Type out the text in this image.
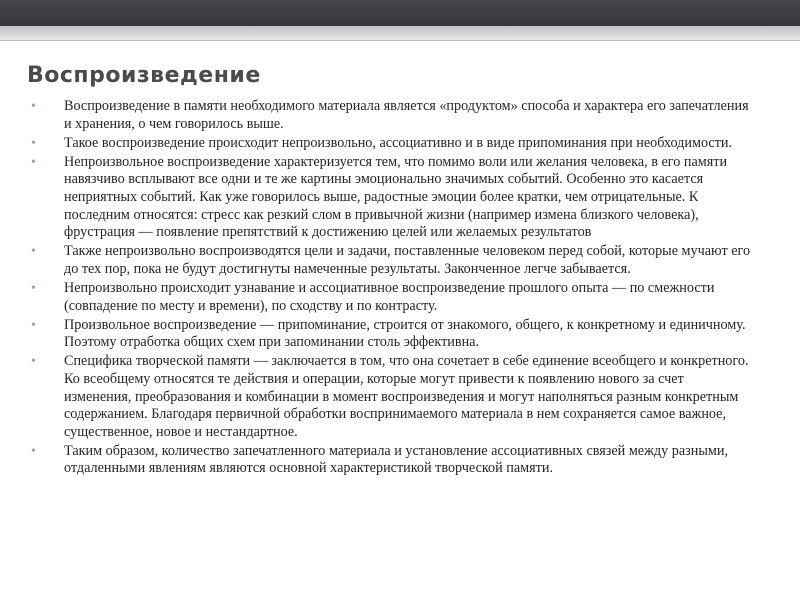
Воспроизведение
• Воспроизведение в памяти необходимого материала является «продуктом» способа и характера его запечатления и хранения, о чем говорилось выше.
• Такое воспроизведение происходит непроизвольно, ассоциативно и в виде припоминания при необходимости.
• Непроизвольное воспроизведение характеризуется тем, что помимо воли или желания человека, в его памяти навязчиво всплывают все одни и те же картины эмоционально значимых событий. Особенно это касается неприятных событий. Как уже говорилось выше, радостные эмоции более кратки, чем отрицательные. К последним относятся: стресс как резкий слом в привычной жизни (например измена близкого человека), фрустрация — появление препятствий к достижению целей или желаемых результатов
• Также непроизвольно воспроизводятся цели и задачи, поставленные человеком перед собой, которые мучают его до тех пор, пока не будут достигнуты намеченные результаты. Законченное легче забывается.
• Непроизвольно происходит узнавание и ассоциативное воспроизведение прошлого опыта — по смежности (совпадение по месту и времени), по сходству и по контрасту.
• Произвольное воспроизведение — припоминание, строится от знакомого, общего, к конкретному и единичному. Поэтому отработка общих схем при запоминании столь эффективна.
• Специфика творческой памяти — заключается в том, что она сочетает в себе единение всеобщего и конкретного. Ко всеобщему относятся те действия и операции, которые могут привести к появлению нового за счет изменения, преобразования и комбинации в момент воспроизведения и могут наполняться разным конкретным содержанием. Благодаря первичной обработки воспринимаемого материала в нем сохраняется самое важное, существенное, новое и нестандартное.
• Таким образом, количество запечатленного материала и установление ассоциативных связей между разными, отдаленными явлениям являются основной характеристикой творческой памяти.
